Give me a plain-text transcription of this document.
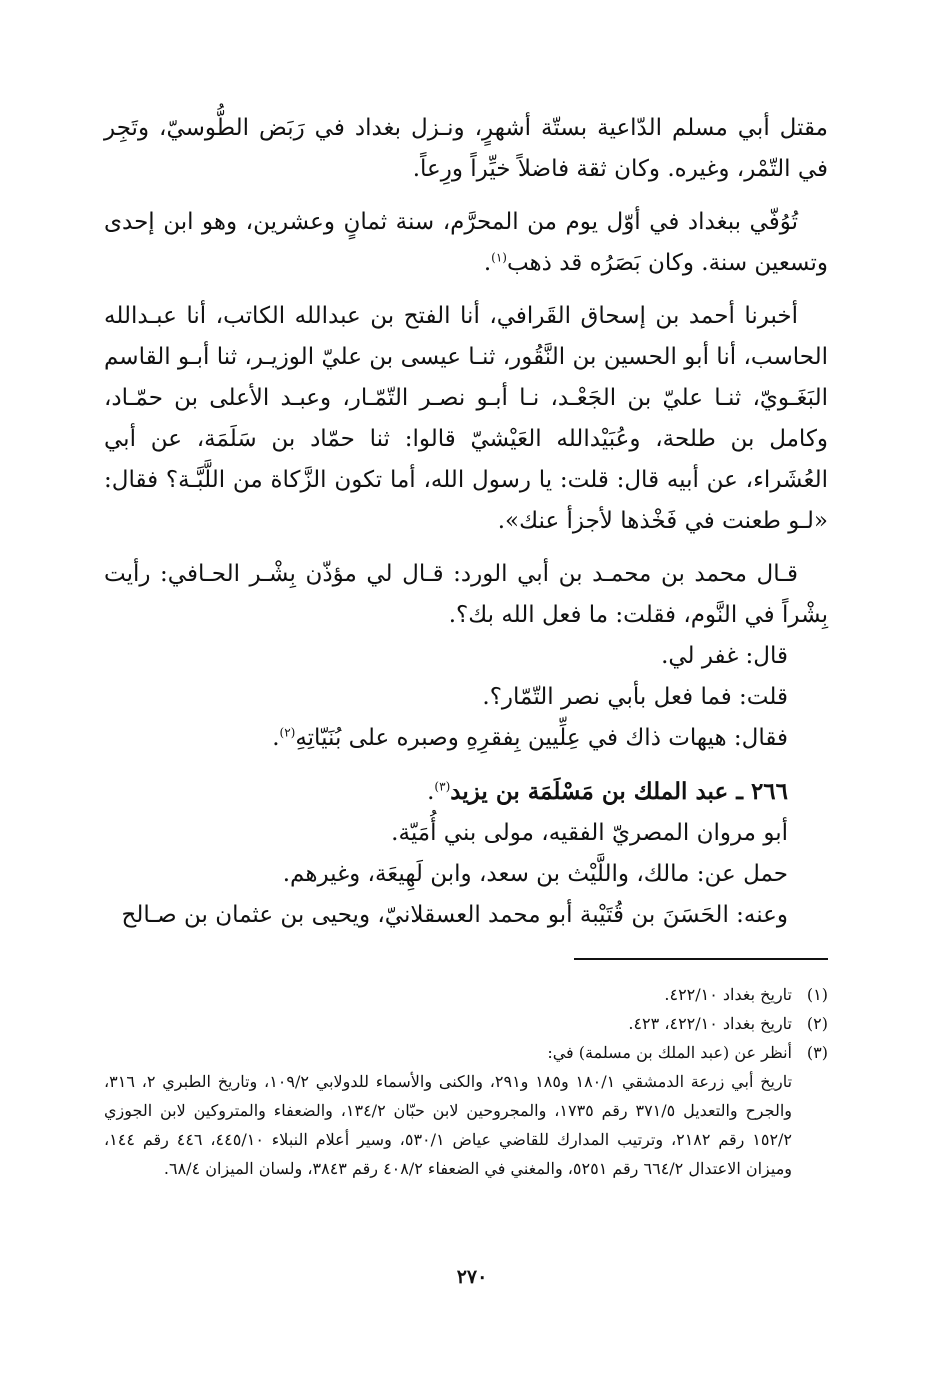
مقتل أبي مسلم الدّاعية بستّة أشهرٍ، ونـزل بغداد في رَبَض الطُّوسيّ، وتَجِر في التّمْر، وغيره. وكان ثقة فاضلاً خيِّراً ورِعاً.

تُوُفّي ببغداد في أوّل يوم من المحرَّم، سنة ثمانٍ وعشرين، وهو ابن إحدى وتسعين سنة. وكان بَصَرُه قد ذهب$^{(١)}$.

أخبرنا أحمد بن إسحاق القَرافي، أنا الفتح بن عبدالله الكاتب، أنا عبـدالله الحاسب، أنا أبو الحسين بن النَّقُور، ثنـا عيسى بن عليّ الوزيـر، ثنا أبـو القاسم البَغَـويّ، ثنـا عليّ بن الجَعْـد، نـا أبـو نصـر التّمّـار، وعبـد الأعلى بن حمّـاد، وكامل بن طلحة، وعُبَيْدالله العَيْشيّ قالوا: ثنا حمّاد بن سَلَمَة، عن أبي العُشَراء، عن أبيه قال: قلت: يا رسول الله، أما تكون الزَّكاة من اللَّبَّـة؟ فقال: «لـو طعنت في فَخْذها لأجزأ عنك».

قـال محمد بن محمـد بن أبي الورد: قـال لي مؤذّن بِشْـر الحـافي: رأيت بِشْراً في النَّوم، فقلت: ما فعل الله بك؟.

قال: غفر لي.

قلت: فما فعل بأبي نصر التّمّار؟.

فقال: هيهات ذاك في عِلِّيين بِفقرِهِ وصبره على بُنَيّاتِهِ$^{(٢)}$.

٢٦٦ ـ عبد الملك بن مَسْلَمَة بن يزيد$^{(٣)}$.

أبو مروان المصريّ الفقيه، مولى بني أُمَيّة.

حمل عن: مالك، واللَّيْث بن سعد، وابن لَهِيعَة، وغيرهم.

وعنه: الحَسَنَ بن قُتَيْبة أبو محمد العسقلانيّ، ويحيى بن عثمان بن صـالح

(١)تاريخ بغداد ٤٢٢/١٠.

(٢)تاريخ بغداد ٤٢٢/١٠، ٤٢٣.

(٣)أنظر عن (عبد الملك بن مسلمة) في:

تاريخ أبي زرعة الدمشقي ١٨٠/١ و١٨٥ و٢٩١، والكنى والأسماء للدولابي ١٠٩/٢، وتاريخ الطبري ٢، ٣١٦، والجرح والتعديل ٣٧١/٥ رقم ١٧٣٥، والمجروحين لابن حبّان ١٣٤/٢، والضعفاء والمتروكين لابن الجوزي ١٥٢/٢ رقم ٢١٨٢، وترتيب المدارك للقاضي عياض ٥٣٠/١، وسير أعلام النبلاء ٤٤٥/١٠، ٤٤٦ رقم ١٤٤، وميزان الاعتدال ٦٦٤/٢ رقم ٥٢٥١، والمغني في الضعفاء ٤٠٨/٢ رقم ٣٨٤٣، ولسان الميزان ٦٨/٤.

٢٧٠
